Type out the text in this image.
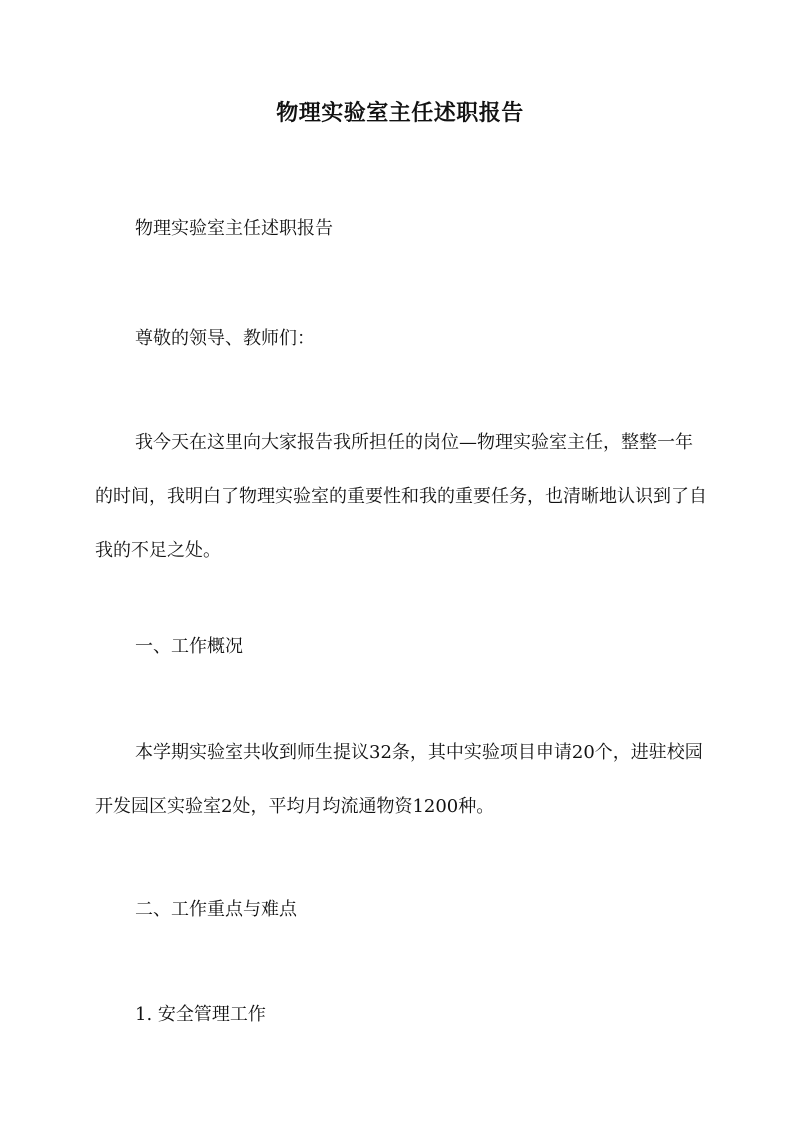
物理实验室主任述职报告

物理实验室主任述职报告

尊敬的领导、教师们：

我今天在这里向大家报告我所担任的岗位—物理实验室主任，整整一年的时间，我明白了物理实验室的重要性和我的重要任务，也清晰地认识到了自我的不足之处。

一、工作概况

本学期实验室共收到师生提议32条，其中实验项目申请20个，进驻校园开发园区实验室2处，平均月均流通物资1200种。

二、工作重点与难点

1. 安全管理工作
